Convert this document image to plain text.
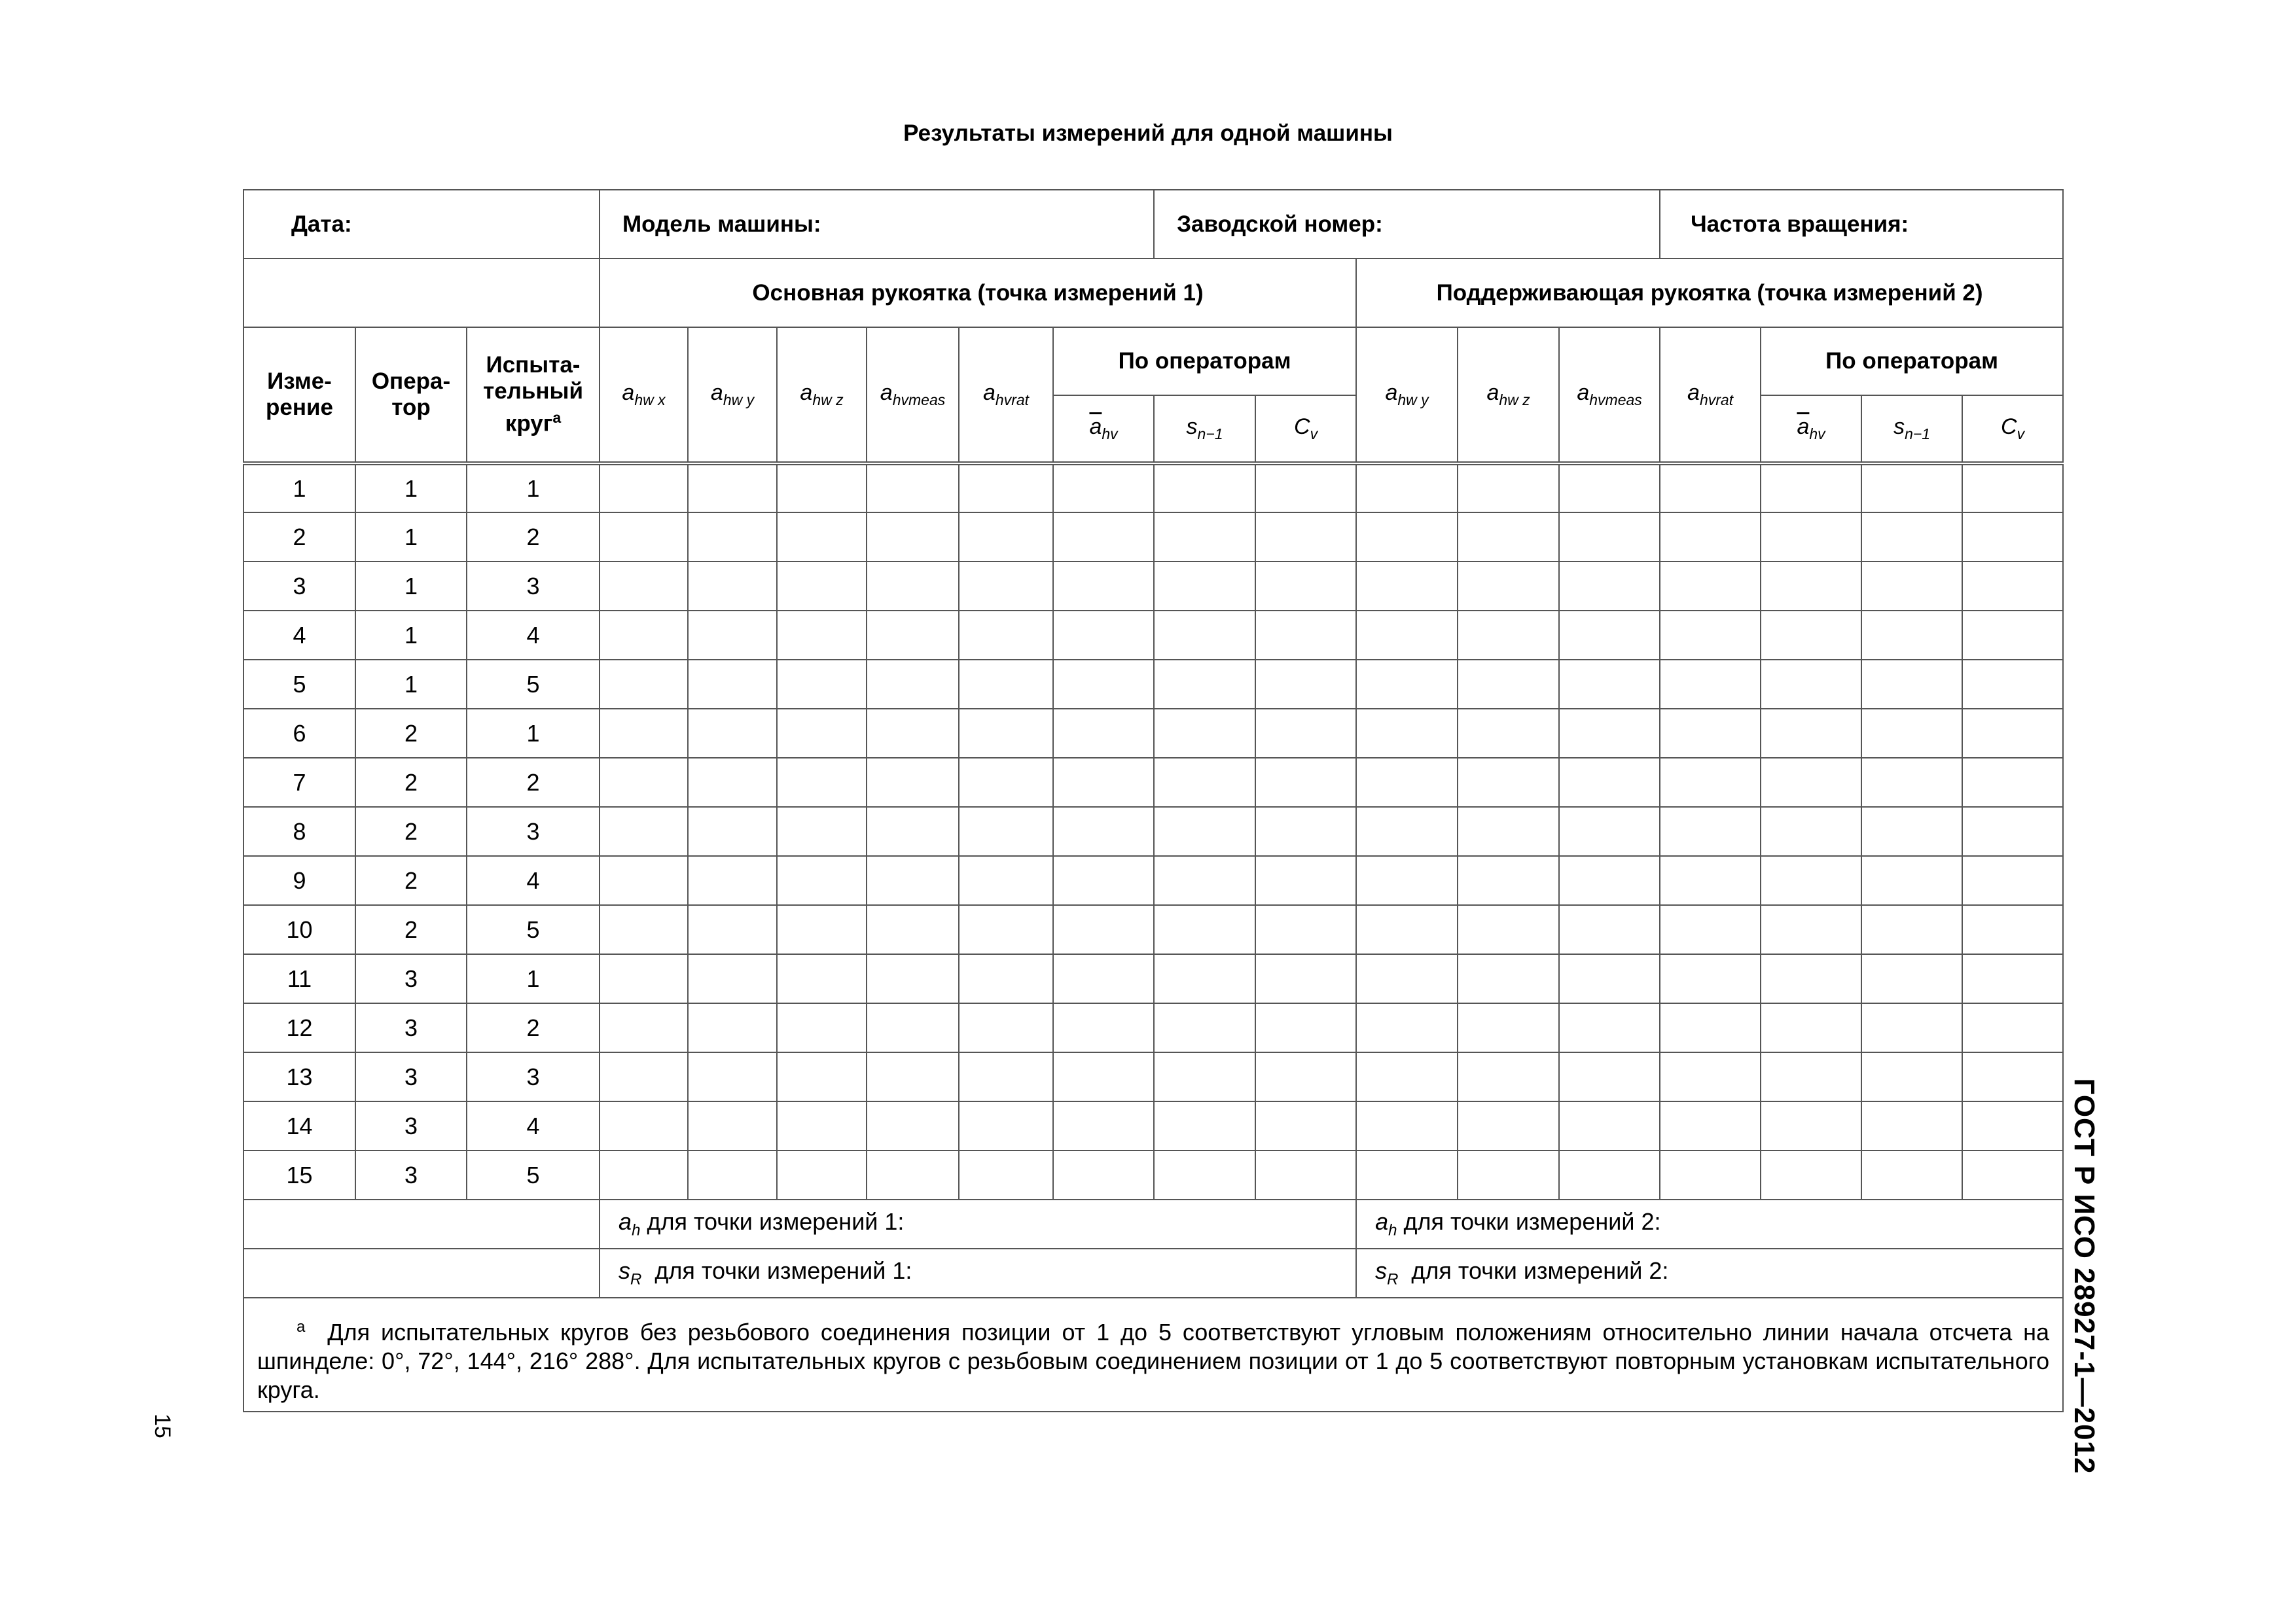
Результаты измерений для одной машины
Дата:			Модель машины:						Заводской номер:					Частота вращения:			
			Основная рукоятка (точка измерений 1)								Поддерживающая рукоятка (точка измерений 2)						
Изме-
рение	Опера-
тор	Испыта-
тельный
круг$^a$	$a_{hw x}$	$a_{hw y}$	$a_{hw z}$	$a_{hvmeas}$	$a_{hvrat}$	По операторам			$a_{hw y}$	$a_{hw z}$	$a_{hvmeas}$	$a_{hvrat}$	По операторам		
								$\overline{a}_{hv}$	$s_{n-1}$	$C_v$					$\overline{a}_{hv}$	$s_{n-1}$	$C_v$
1	1	1															
2	1	2															
3	1	3															
4	1	4															
5	1	5															
6	2	1															
7	2	2															
8	2	3															
9	2	4															
10	2	5															
11	3	1															
12	3	2															
13	3	3															
14	3	4															
15	3	5															
			$a_h$ для точки измерений 1:								$a_h$ для точки измерений 2:						
			$s_R$ для точки измерений 1:								$s_R$ для точки измерений 2:						
$^a$ Для испытательных кругов без резьбового соединения позиции от 1 до 5 соответствуют угловым положениям относительно линии начала отсчета на шпинделе: 0°, 72°, 144°, 216° 288°. Для испытательных кругов с резьбовым соединением позиции от 1 до 5 соответствуют повторным установкам испытательного круга.																		ГОСТ Р ИСО 28927-1—2012
15
